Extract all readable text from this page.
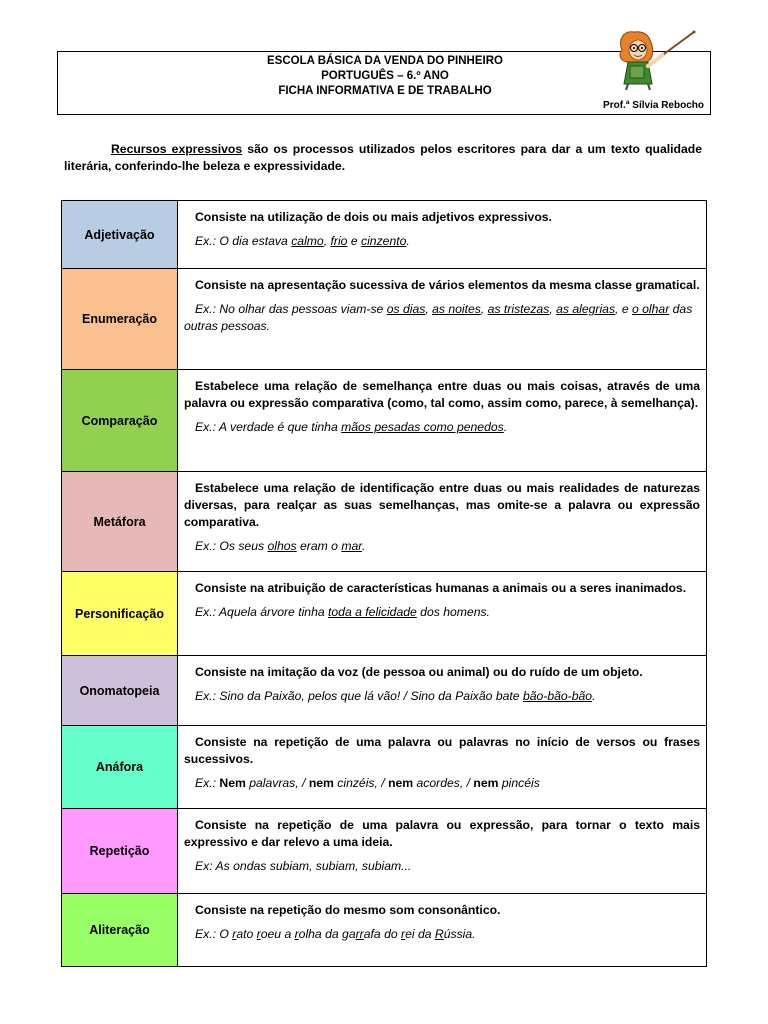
ESCOLA BÁSICA DA VENDA DO PINHEIRO
PORTUGUÊS – 6.º ANO
FICHA INFORMATIVA E DE TRABALHO
Prof.ª Sílvia Rebocho
Recursos expressivos são os processos utilizados pelos escritores para dar a um texto qualidade literária, conferindo-lhe beleza e expressividade.
Adjetivação
Consiste na utilização de dois ou mais adjetivos expressivos.
Ex.: O dia estava calmo, frio e cinzento.
Enumeração
Consiste na apresentação sucessiva de vários elementos da mesma classe gramatical.
Ex.: No olhar das pessoas viam-se os dias, as noites, as tristezas, as alegrias, e o olhar das outras pessoas.
Comparação
Estabelece uma relação de semelhança entre duas ou mais coisas, através de uma palavra ou expressão comparativa (como, tal como, assim como, parece, à semelhança).
Ex.: A verdade é que tinha mãos pesadas como penedos.
Metáfora
Estabelece uma relação de identificação entre duas ou mais realidades de naturezas diversas, para realçar as suas semelhanças, mas omite-se a palavra ou expressão comparativa.
Ex.: Os seus olhos eram o mar.
Personificação
Consiste na atribuição de características humanas a animais ou a seres inanimados.
Ex.: Aquela árvore tinha toda a felicidade dos homens.
Onomatopeia
Consiste na imitação da voz (de pessoa ou animal) ou do ruído de um objeto.
Ex.: Sino da Paixão, pelos que lá vão! / Sino da Paixão bate bão-bão-bão.
Anáfora
Consiste na repetição de uma palavra ou palavras no início de versos ou frases sucessivos.
Ex.: Nem palavras, / nem cinzéis, / nem acordes, / nem pincéis
Repetição
Consiste na repetição de uma palavra ou expressão, para tornar o texto mais expressivo e dar relevo a uma ideia.
Ex: As ondas subiam, subiam, subiam...
Aliteração
Consiste na repetição do mesmo som consonântico.
Ex.: O rato roeu a rolha da garrafa do rei da Rússia.
